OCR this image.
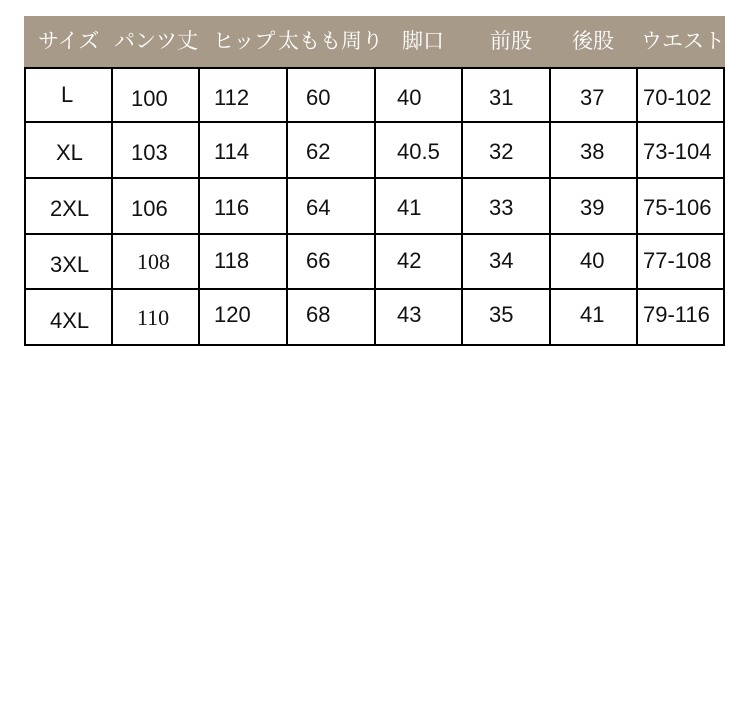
サイズ パンツ丈 ヒップ 太もも周り 脚口 前股 後股 ウエスト
L	100 112	60	40	31	37 70-102
XL 103 114	62	40.5 32	38 73-104
2XL 106 116	64	41	33	39 75-106
3XL 108 118	66	42	34	40 77-108
4XL 110 120	68	43	35	41 79-116
